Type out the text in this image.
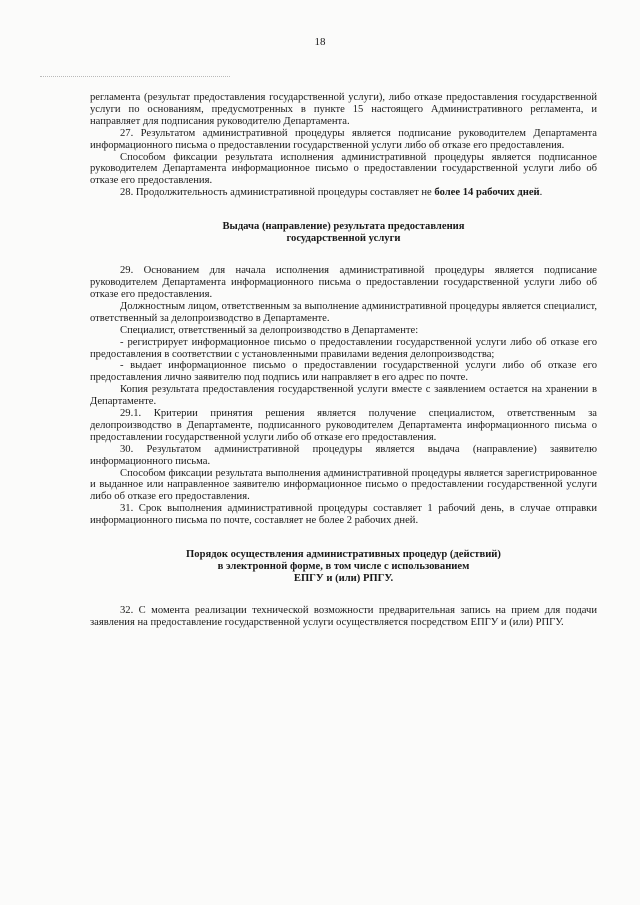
18

регламента (результат предоставления государственной услуги), либо отказе предоставления государственной услуги по основаниям, предусмотренных в пункте 15 настоящего Административного регламента, и направляет для подписания руководителю Департамента.

27. Результатом административной процедуры является подписание руководителем Департамента информационного письма о предоставлении государственной услуги либо об отказе его предоставления.

Способом фиксации результата исполнения административной процедуры является подписанное руководителем Департамента информационное письмо о предоставлении государственной услуги либо об отказе его предоставления.

28. Продолжительность административной процедуры составляет не более 14 рабочих дней.

Выдача (направление) результата предоставления
государственной услуги

29. Основанием для начала исполнения административной процедуры является подписание руководителем Департамента информационного письма о предоставлении государственной услуги либо об отказе его предоставления.

Должностным лицом, ответственным за выполнение административной процедуры является специалист, ответственный за делопроизводство в Департаменте.

Специалист, ответственный за делопроизводство в Департаменте:

- регистрирует информационное письмо о предоставлении государственной услуги либо об отказе его предоставления в соответствии с установленными правилами ведения делопроизводства;

- выдает информационное письмо о предоставлении государственной услуги либо об отказе его предоставления лично заявителю под подпись или направляет в его адрес по почте.

Копия результата предоставления государственной услуги вместе с заявлением остается на хранении в Департаменте.

29.1. Критерии принятия решения является получение специалистом, ответственным за делопроизводство в Департаменте, подписанного руководителем Департамента информационного письма о предоставлении государственной услуги либо об отказе его предоставления.

30. Результатом административной процедуры является выдача (направление) заявителю информационного письма.

Способом фиксации результата выполнения административной процедуры является зарегистрированное и выданное или направленное заявителю информационное письмо о предоставлении государственной услуги либо об отказе его предоставления.

31. Срок выполнения административной процедуры составляет 1 рабочий день, в случае отправки информационного письма по почте, составляет не более 2 рабочих дней.

Порядок осуществления административных процедур (действий)
в электронной форме, в том числе с использованием
ЕПГУ и (или) РПГУ.

32. С момента реализации технической возможности предварительная запись на прием для подачи заявления на предоставление государственной услуги осуществляется посредством ЕПГУ и (или) РПГУ.
